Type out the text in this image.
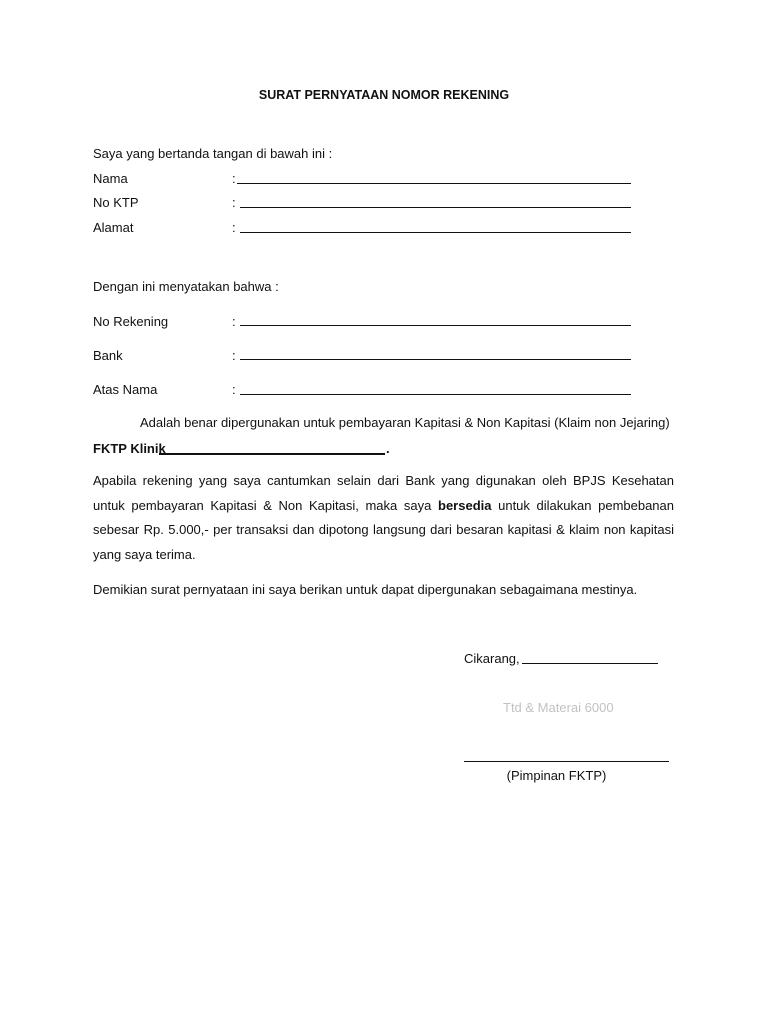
SURAT PERNYATAAN NOMOR REKENING
Saya yang bertanda tangan di bawah ini :
Nama	:
No KTP	:
Alamat	:
Dengan ini menyatakan bahwa :
No Rekening	:
Bank	:
Atas Nama	:
Adalah benar dipergunakan untuk pembayaran Kapitasi & Non Kapitasi (Klaim non Jejaring)
FKTP Klinik	.
Apabila rekening yang saya cantumkan selain dari Bank yang digunakan oleh BPJS Kesehatan untuk pembayaran Kapitasi & Non Kapitasi, maka saya bersedia untuk dilakukan pembebanan sebesar Rp. 5.000,- per transaksi dan dipotong langsung dari besaran kapitasi & klaim non kapitasi yang saya terima.
Demikian surat pernyataan ini saya berikan untuk dapat dipergunakan sebagaimana mestinya.
Cikarang,
Ttd & Materai 6000
(Pimpinan FKTP)
